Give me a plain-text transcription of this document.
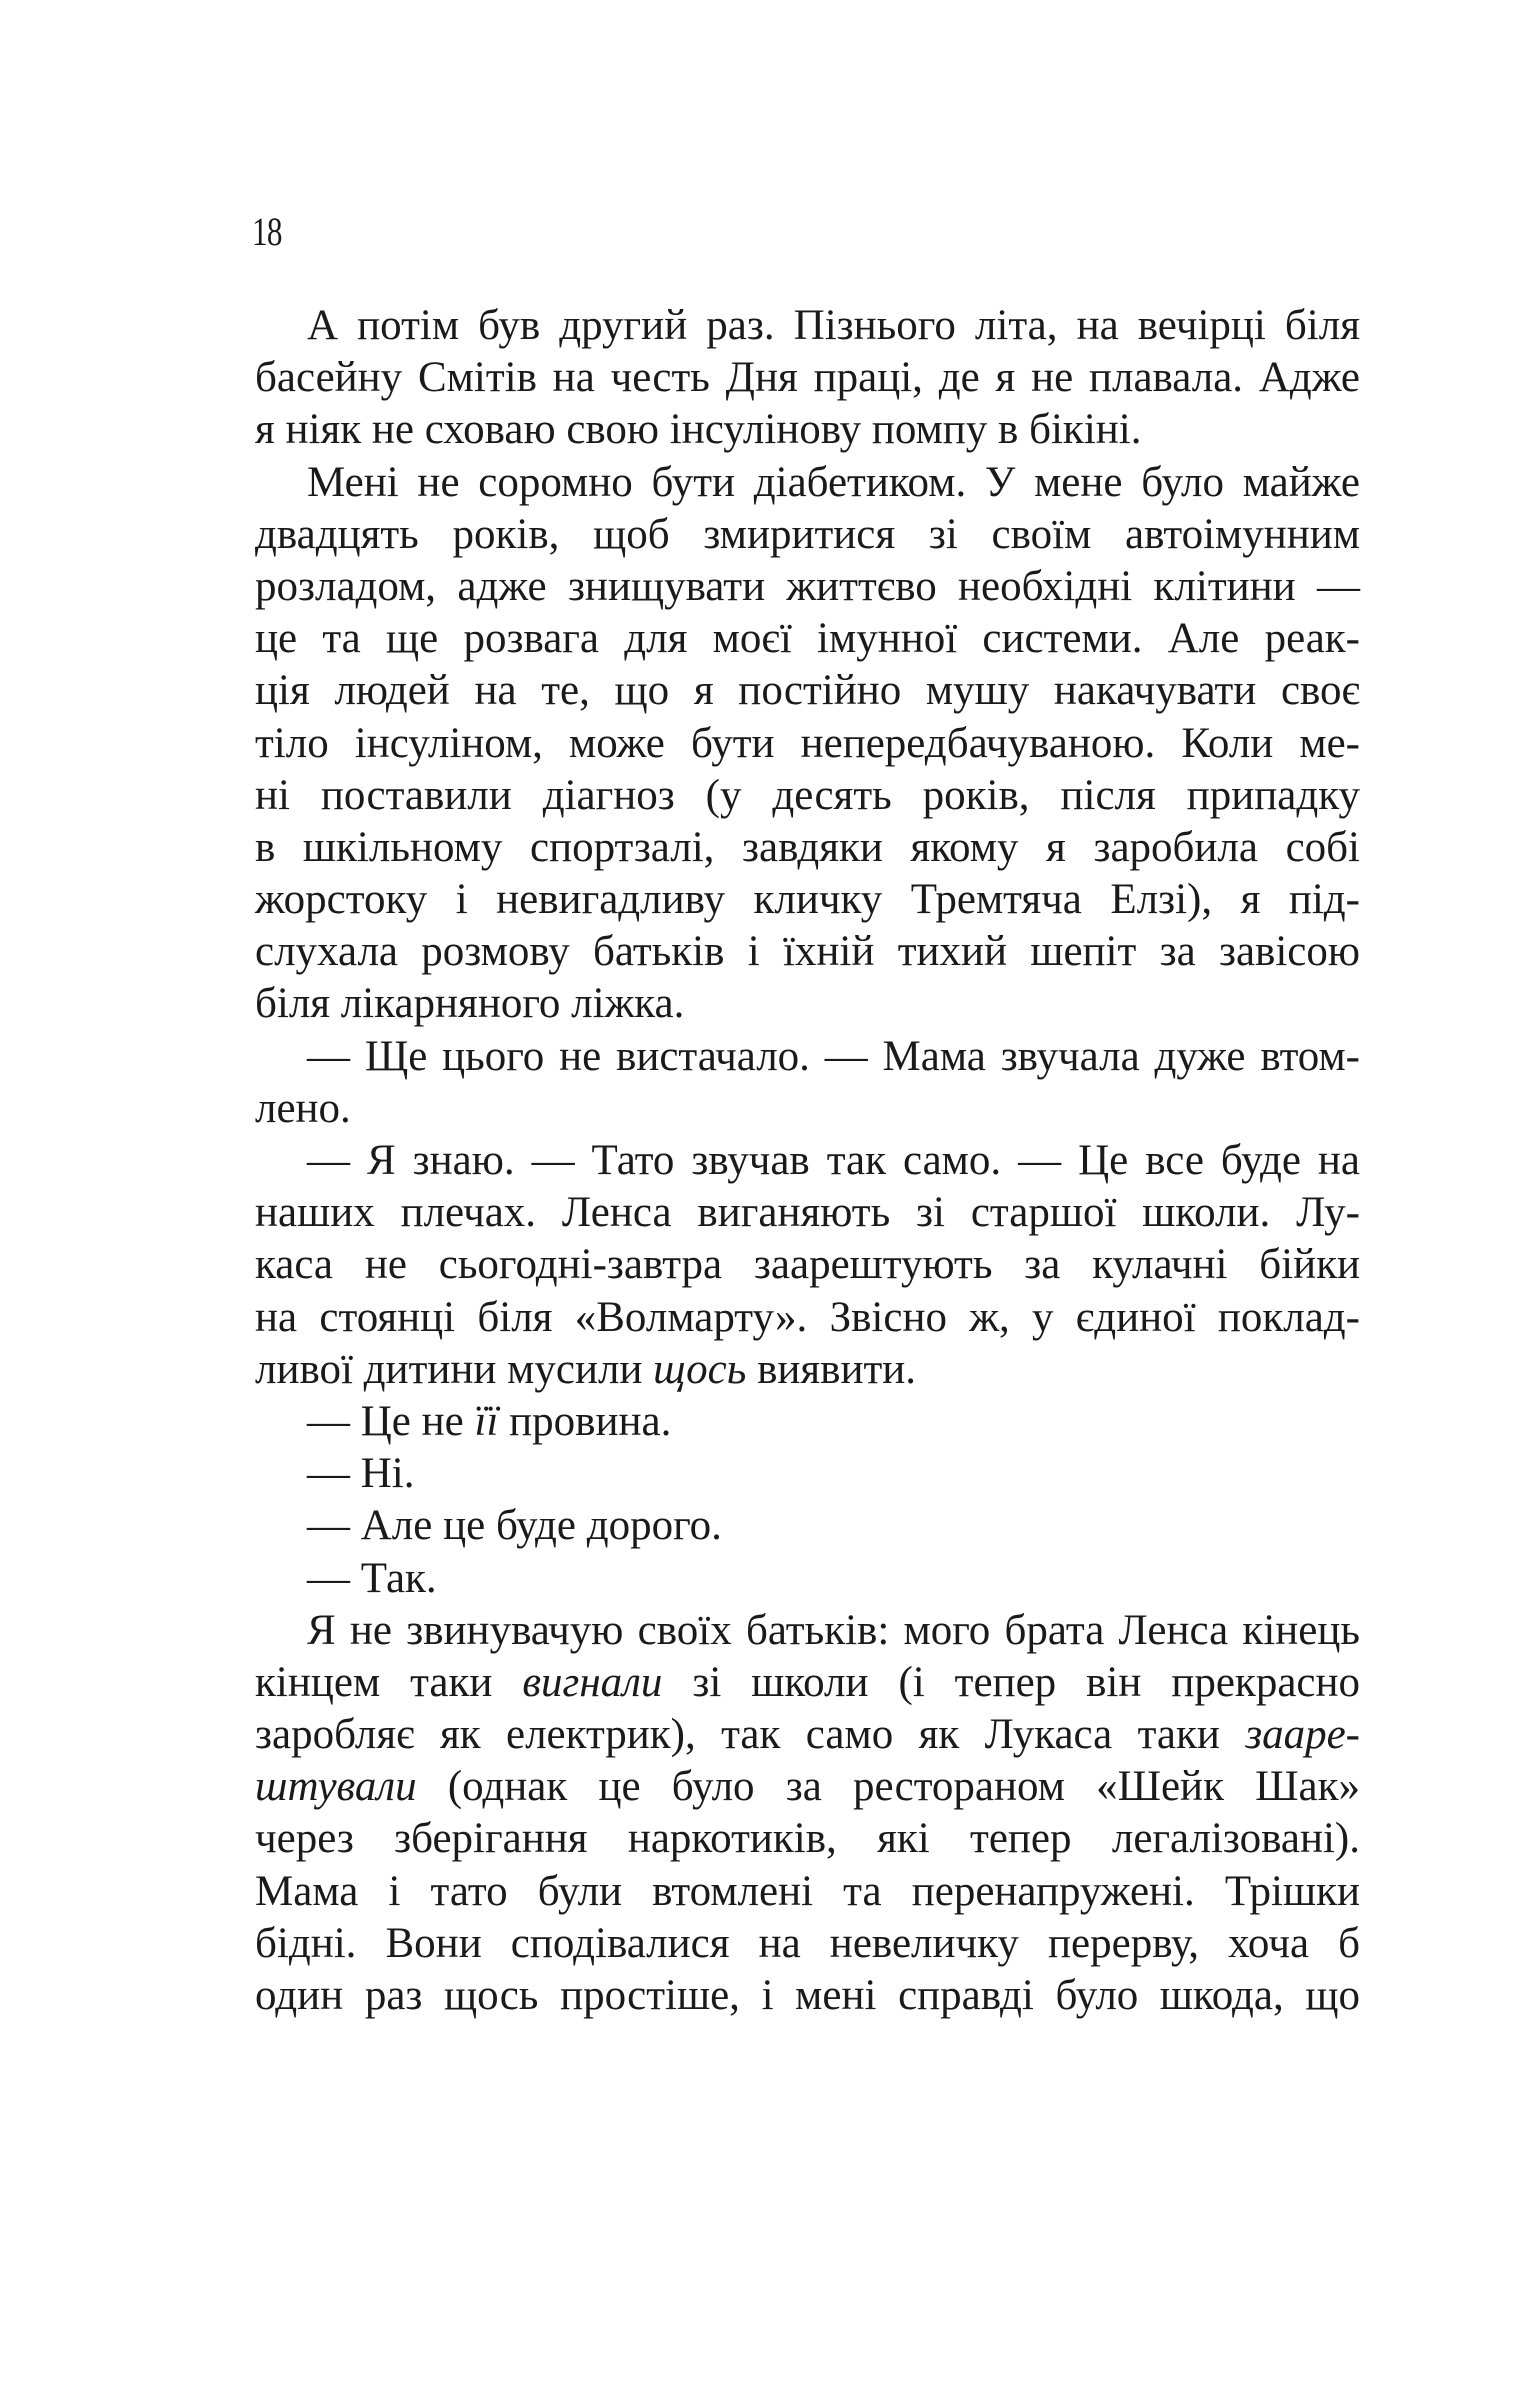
18
А потім був другий раз. Пізнього літа, на вечірці біля
басейну Смітів на честь Дня праці, де я не плавала. Адже
я ніяк не сховаю свою інсулінову помпу в бікіні.
Мені не соромно бути діабетиком. У мене було майже
двадцять років, щоб змиритися зі своїм автоімунним
розладом, адже знищувати життєво необхідні клітини —
це та ще розвага для моєї імунної системи. Але реак-
ція людей на те, що я постійно мушу накачувати своє
тіло інсуліном, може бути непередбачуваною. Коли ме-
ні поставили діагноз (у десять років, після припадку
в шкільному спортзалі, завдяки якому я заробила собі
жорстоку і невигадливу кличку Тремтяча Елзі), я під-
слухала розмову батьків і їхній тихий шепіт за завісою
біля лікарняного ліжка.
— Ще цього не вистачало. — Мама звучала дуже втом-
лено.
— Я знаю. — Тато звучав так само. — Це все буде на
наших плечах. Ленса виганяють зі старшої школи. Лу-
каса не сьогодні-завтра заарештують за кулачні бійки
на стоянці біля «Волмарту». Звісно ж, у єдиної поклад-
ливої дитини мусили щось виявити.
— Це не її провина.
— Ні.
— Але це буде дорого.
— Так.
Я не звинувачую своїх батьків: мого брата Ленса кінець
кінцем таки вигнали зі школи (і тепер він прекрасно
заробляє як електрик), так само як Лукаса таки зааре-
штували (однак це було за рестораном «Шейк Шак»
через зберігання наркотиків, які тепер легалізовані).
Мама і тато були втомлені та перенапружені. Трішки
бідні. Вони сподівалися на невеличку перерву, хоча б
один раз щось простіше, і мені справді було шкода, що
